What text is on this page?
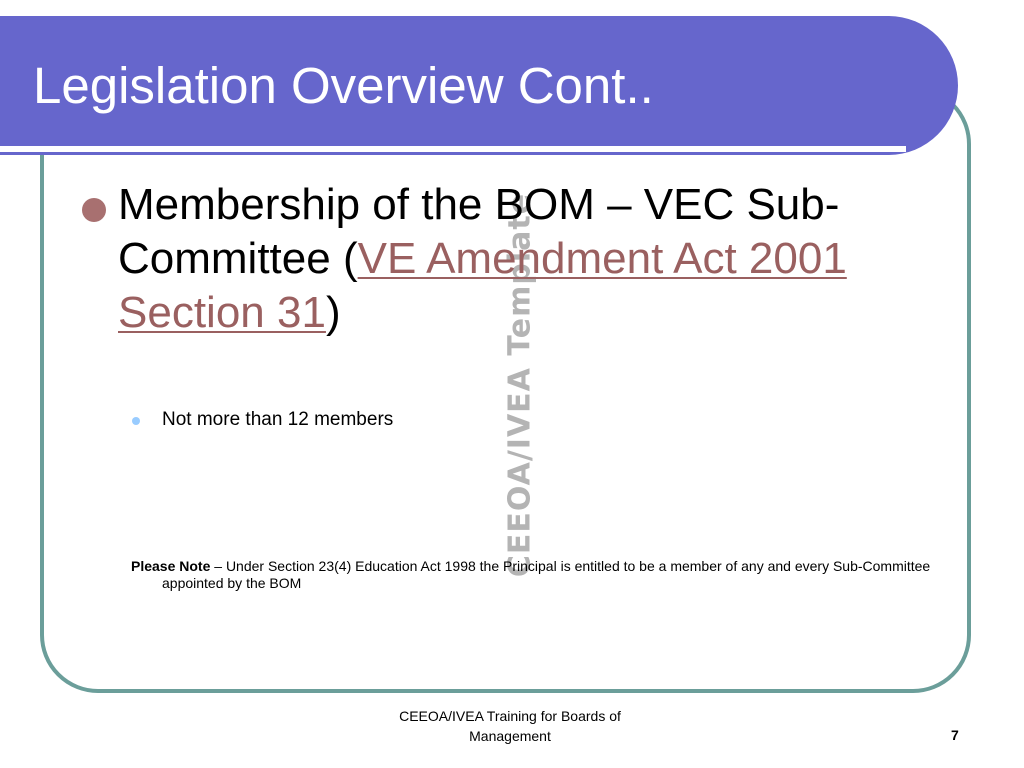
Legislation Overview Cont..
CEEOA/IVEA Template
Membership of the BOM – VEC Sub-Committee (VE Amendment Act 2001 Section 31)
Not more than 12 members
Please Note – Under Section 23(4) Education Act 1998 the Principal is entitled to be a member of any and every Sub-Committee appointed by the BOM
CEEOA/IVEA Training for Boards of Management	7
